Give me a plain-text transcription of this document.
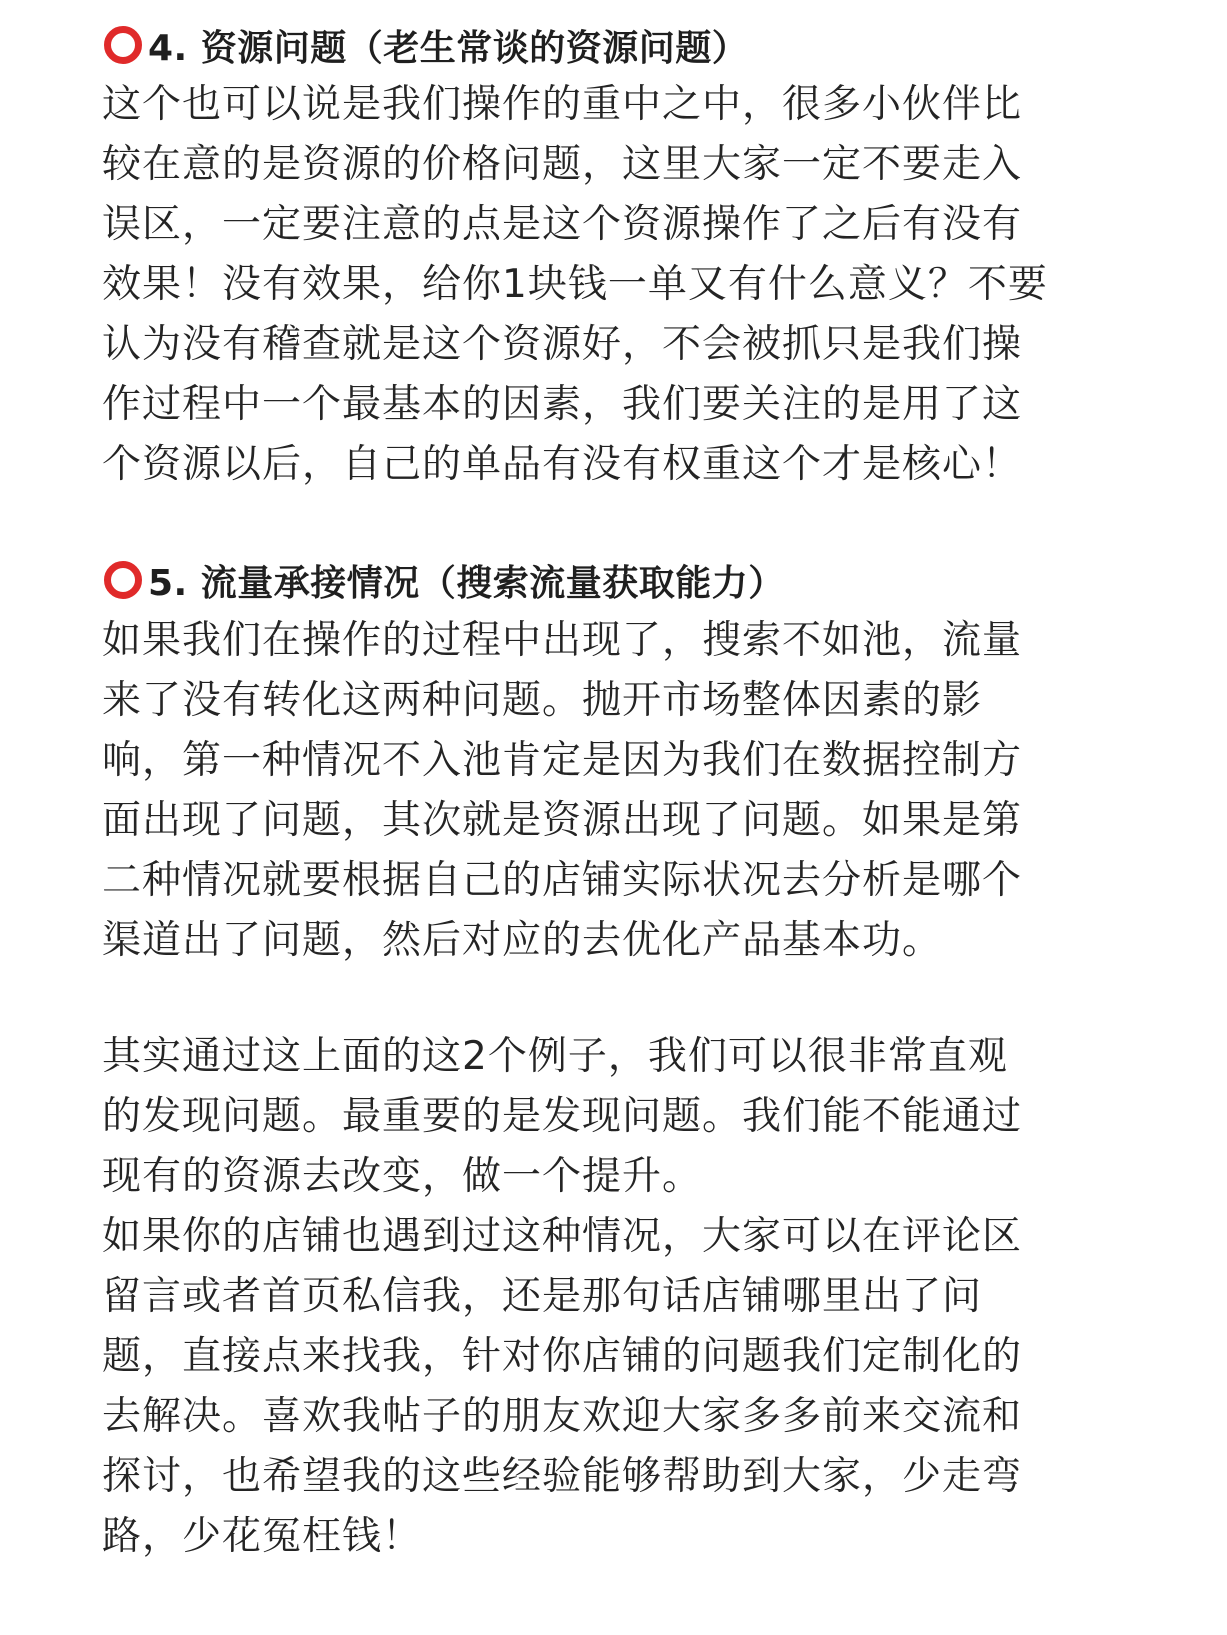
4. 资源问题（老生常谈的资源问题）
这个也可以说是我们操作的重中之中，很多小伙伴比
较在意的是资源的价格问题，这里大家一定不要走入
误区，一定要注意的点是这个资源操作了之后有没有
效果！没有效果，给你1块钱一单又有什么意义？不要
认为没有稽查就是这个资源好，不会被抓只是我们操
作过程中一个最基本的因素，我们要关注的是用了这
个资源以后，自己的单品有没有权重这个才是核心！
5. 流量承接情况（搜索流量获取能力）
如果我们在操作的过程中出现了，搜索不如池，流量
来了没有转化这两种问题。抛开市场整体因素的影
响，第一种情况不入池肯定是因为我们在数据控制方
面出现了问题，其次就是资源出现了问题。如果是第
二种情况就要根据自己的店铺实际状况去分析是哪个
渠道出了问题，然后对应的去优化产品基本功。
其实通过这上面的这2个例子，我们可以很非常直观
的发现问题。最重要的是发现问题。我们能不能通过
现有的资源去改变，做一个提升。
如果你的店铺也遇到过这种情况，大家可以在评论区
留言或者首页私信我，还是那句话店铺哪里出了问
题，直接点来找我，针对你店铺的问题我们定制化的
去解决。喜欢我帖子的朋友欢迎大家多多前来交流和
探讨，也希望我的这些经验能够帮助到大家，少走弯
路，少花冤枉钱！
